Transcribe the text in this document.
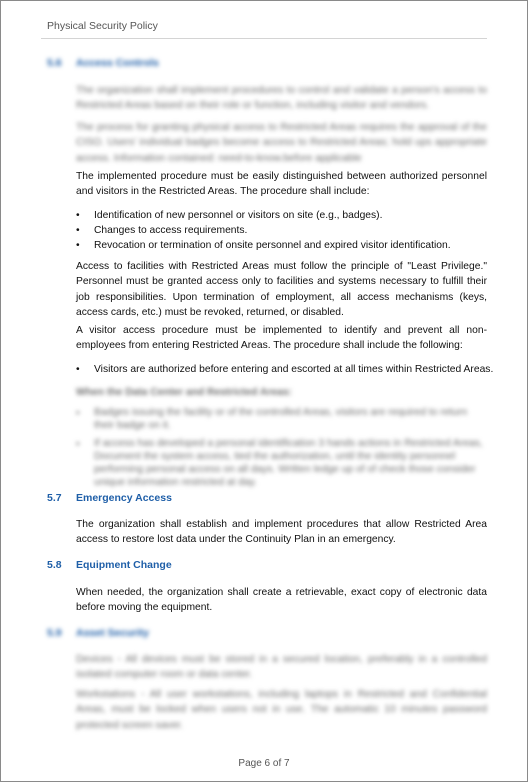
Physical Security Policy
5.6 Access Controls
The organization shall implement procedures to control and validate a person's access to Restricted Areas based on their role or function, including visitor and vendors.
The process for granting physical access to Restricted Areas requires the approval of the CISO. Users' individual badges become access to Restricted Areas; hold ups appropriate access. Information contained: need-to-know.before applicable
The implemented procedure must be easily distinguished between authorized personnel and visitors in the Restricted Areas. The procedure shall include:
• Identification of new personnel or visitors on site (e.g., badges).
• Changes to access requirements.
• Revocation or termination of onsite personnel and expired visitor identification.
Access to facilities with Restricted Areas must follow the principle of "Least Privilege." Personnel must be granted access only to facilities and systems necessary to fulfill their job responsibilities. Upon termination of employment, all access mechanisms (keys, access cards, etc.) must be revoked, returned, or disabled.
A visitor access procedure must be implemented to identify and prevent all non-employees from entering Restricted Areas. The procedure shall include the following:
• Visitors are authorized before entering and escorted at all times within Restricted Areas.
When the Data Center and Restricted Areas:
• Badges issuing the facility or of the controlled Areas, visitors are required to return their badge on it.
• If access has developed a personal identification 3 hands actions in Restricted Areas, Document the system access, tied the authorization, until the identity personnel performing personal access on all days. Written ledge up of of check those consider unique information restricted at day.
5.7 Emergency Access
The organization shall establish and implement procedures that allow Restricted Area access to restore lost data under the Continuity Plan in an emergency.
5.8 Equipment Change
When needed, the organization shall create a retrievable, exact copy of electronic data before moving the equipment.
5.9 Asset Security
Devices - All devices must be stored in a secured location, preferably in a controlled isolated computer room or data center.
Workstations - All user workstations, including laptops in Restricted and Confidential Areas, must be locked when users not in use. The automatic 10 minutes password protected screen saver.
Page 6 of 7
